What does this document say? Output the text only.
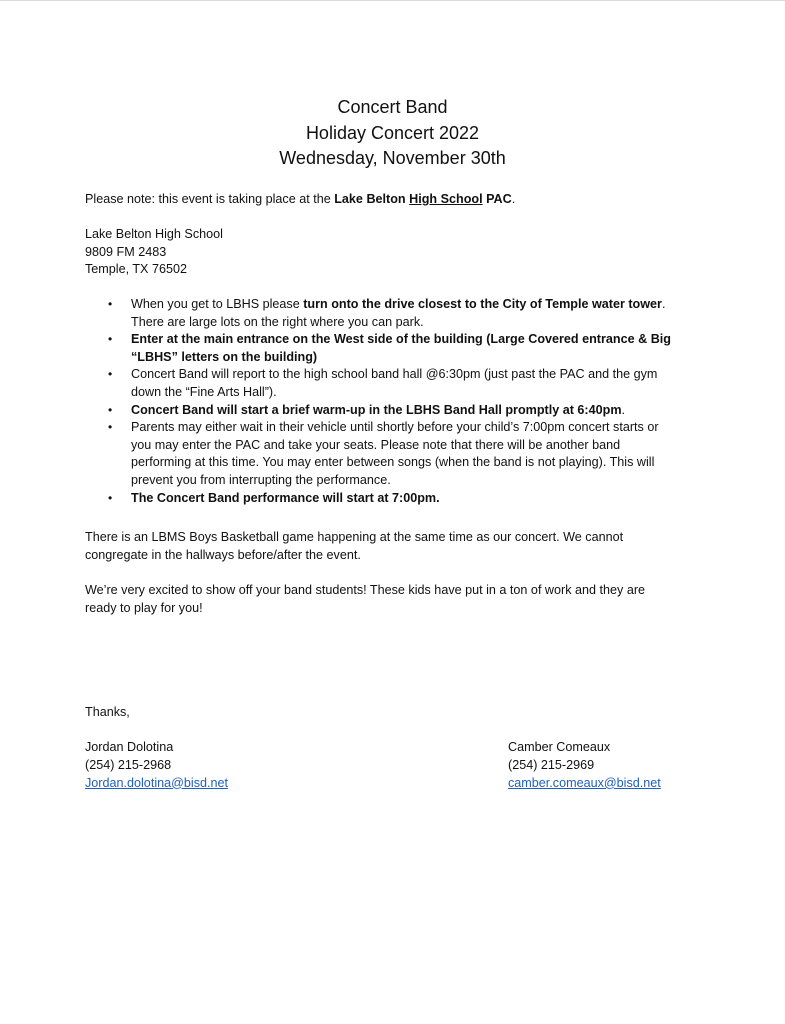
Concert Band
Holiday Concert 2022
Wednesday, November 30th
Please note: this event is taking place at the Lake Belton High School PAC.
Lake Belton High School
9809 FM 2483
Temple, TX 76502
• When you get to LBHS please turn onto the drive closest to the City of Temple water tower.
There are large lots on the right where you can park.
• Enter at the main entrance on the West side of the building (Large Covered entrance & Big
“LBHS” letters on the building)
• Concert Band will report to the high school band hall @6:30pm (just past the PAC and the gym
down the “Fine Arts Hall”).
• Concert Band will start a brief warm-up in the LBHS Band Hall promptly at 6:40pm.
• Parents may either wait in their vehicle until shortly before your child’s 7:00pm concert starts or
you may enter the PAC and take your seats. Please note that there will be another band
performing at this time. You may enter between songs (when the band is not playing). This will
prevent you from interrupting the performance.
• The Concert Band performance will start at 7:00pm.
There is an LBMS Boys Basketball game happening at the same time as our concert. We cannot
congregate in the hallways before/after the event.
We’re very excited to show off your band students! These kids have put in a ton of work and they are
ready to play for you!
Thanks,
Jordan Dolotina
(254) 215-2968
Jordan.dolotina@bisd.net
Camber Comeaux
(254) 215-2969
camber.comeaux@bisd.net
